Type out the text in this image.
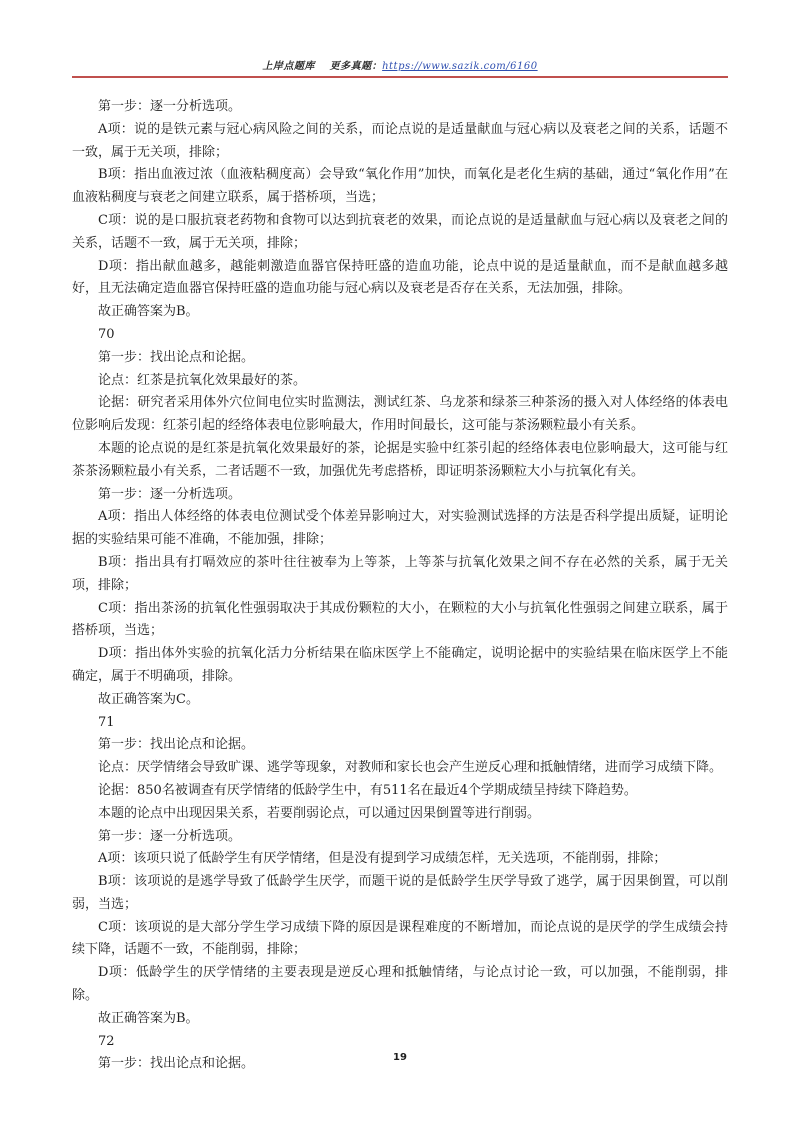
上岸点题库 更多真题：https://www.sazik.com/6160

第一步：逐一分析选项。

A项：说的是铁元素与冠心病风险之间的关系，而论点说的是适量献血与冠心病以及衰老之间的关系，话题不一致，属于无关项，排除；

B项：指出血液过浓（血液粘稠度高）会导致“氧化作用”加快，而氧化是老化生病的基础，通过“氧化作用”在血液粘稠度与衰老之间建立联系，属于搭桥项，当选；

C项：说的是口服抗衰老药物和食物可以达到抗衰老的效果，而论点说的是适量献血与冠心病以及衰老之间的关系，话题不一致，属于无关项，排除；

D项：指出献血越多，越能刺激造血器官保持旺盛的造血功能，论点中说的是适量献血，而不是献血越多越好，且无法确定造血器官保持旺盛的造血功能与冠心病以及衰老是否存在关系，无法加强，排除。

故正确答案为B。

70

第一步：找出论点和论据。

论点：红茶是抗氧化效果最好的茶。

论据：研究者采用体外穴位间电位实时监测法，测试红茶、乌龙茶和绿茶三种茶汤的摄入对人体经络的体表电位影响后发现：红茶引起的经络体表电位影响最大，作用时间最长，这可能与茶汤颗粒最小有关系。

本题的论点说的是红茶是抗氧化效果最好的茶，论据是实验中红茶引起的经络体表电位影响最大，这可能与红茶茶汤颗粒最小有关系，二者话题不一致，加强优先考虑搭桥，即证明茶汤颗粒大小与抗氧化有关。

第一步：逐一分析选项。

A项：指出人体经络的体表电位测试受个体差异影响过大，对实验测试选择的方法是否科学提出质疑，证明论据的实验结果可能不准确，不能加强，排除；

B项：指出具有打嗝效应的茶叶往往被奉为上等茶，上等茶与抗氧化效果之间不存在必然的关系，属于无关项，排除；

C项：指出茶汤的抗氧化性强弱取决于其成份颗粒的大小，在颗粒的大小与抗氧化性强弱之间建立联系，属于搭桥项，当选；

D项：指出体外实验的抗氧化活力分析结果在临床医学上不能确定，说明论据中的实验结果在临床医学上不能确定，属于不明确项，排除。

故正确答案为C。

71

第一步：找出论点和论据。

论点：厌学情绪会导致旷课、逃学等现象，对教师和家长也会产生逆反心理和抵触情绪，进而学习成绩下降。

论据：850名被调查有厌学情绪的低龄学生中，有511名在最近4个学期成绩呈持续下降趋势。

本题的论点中出现因果关系，若要削弱论点，可以通过因果倒置等进行削弱。

第一步：逐一分析选项。

A项：该项只说了低龄学生有厌学情绪，但是没有提到学习成绩怎样，无关选项，不能削弱，排除；

B项：该项说的是逃学导致了低龄学生厌学，而题干说的是低龄学生厌学导致了逃学，属于因果倒置，可以削弱，当选；

C项：该项说的是大部分学生学习成绩下降的原因是课程难度的不断增加，而论点说的是厌学的学生成绩会持续下降，话题不一致，不能削弱，排除；

D项：低龄学生的厌学情绪的主要表现是逆反心理和抵触情绪，与论点讨论一致，可以加强，不能削弱，排除。

故正确答案为B。

72

第一步：找出论点和论据。	19
